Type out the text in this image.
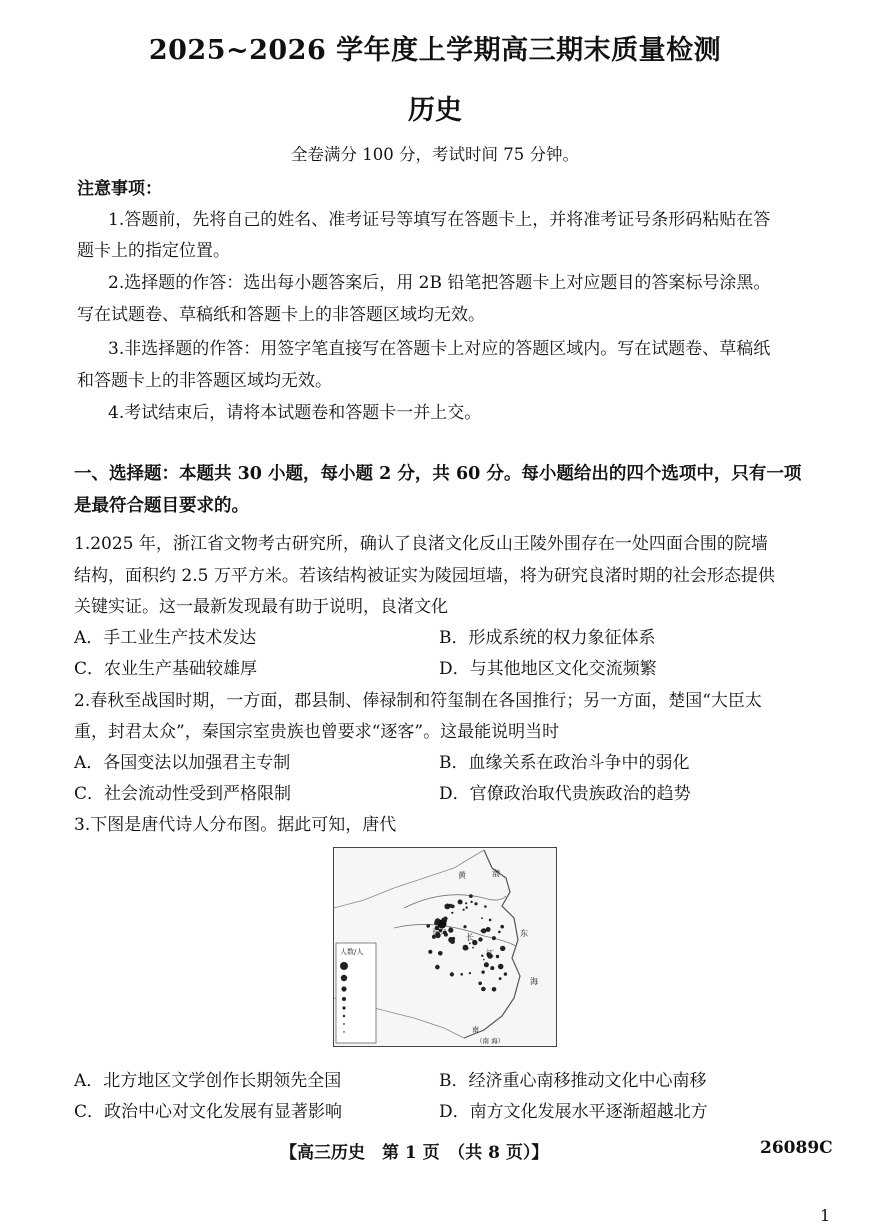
2025~2026 学年度上学期高三期末质量检测
历史
全卷满分 100 分，考试时间 75 分钟。
注意事项：
1.答题前，先将自己的姓名、准考证号等填写在答题卡上，并将准考证号条形码粘贴在答
题卡上的指定位置。
2.选择题的作答：选出每小题答案后，用 2B 铅笔把答题卡上对应题目的答案标号涂黑。
写在试题卷、草稿纸和答题卡上的非答题区域均无效。
3.非选择题的作答：用签字笔直接写在答题卡上对应的答题区域内。写在试题卷、草稿纸
和答题卡上的非答题区域均无效。
4.考试结束后，请将本试题卷和答题卡一并上交。
一、选择题：本题共 30 小题，每小题 2 分，共 60 分。每小题给出的四个选项中，只有一项
是最符合题目要求的。
1.2025 年，浙江省文物考古研究所，确认了良渚文化反山王陵外围存在一处四面合围的院墙
结构，面积约 2.5 万平方米。若该结构被证实为陵园垣墙，将为研究良渚时期的社会形态提供
关键实证。这一最新发现最有助于说明，良渚文化
A．手工业生产技术发达	B．形成系统的权力象征体系
C．农业生产基础较雄厚	D．与其他地区文化交流频繁
2.春秋至战国时期，一方面，郡县制、俸禄制和符玺制在各国推行；另一方面，楚国“大臣太
重，封君太众”，秦国宗室贵族也曾要求“逐客”。这最能说明当时
A．各国变法以加强君主专制	B．血缘关系在政治斗争中的弱化
C．社会流动性受到严格限制	D．官僚政治取代贵族政治的趋势
3.下图是唐代诗人分布图。据此可知，唐代
人数/人
黄	渤
长安	东
长
江
海
南
（南 海）
A．北方地区文学创作长期领先全国	B．经济重心南移推动文化中心南移
C．政治中心对文化发展有显著影响	D．南方文化发展水平逐渐超越北方
【高三历史　第 1 页　（共 8 页）】	26089C
1
